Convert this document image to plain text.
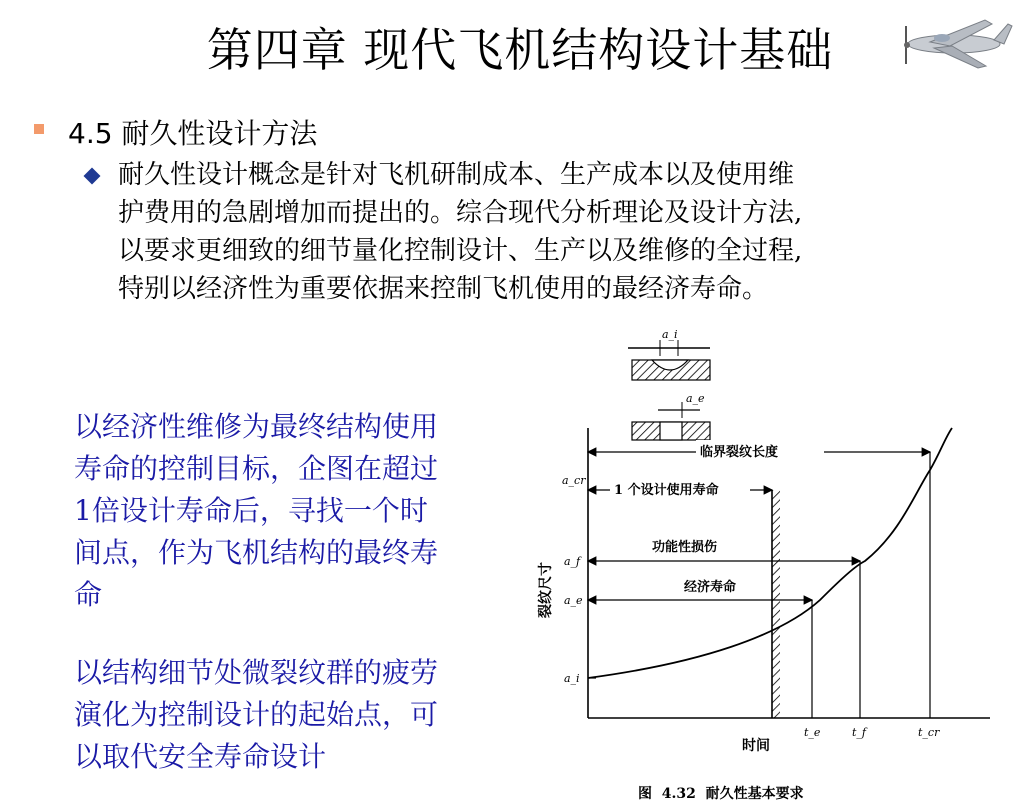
第四章 现代飞机结构设计基础
4.5 耐久性设计方法
耐久性设计概念是针对飞机研制成本、生产成本以及使用维
护费用的急剧增加而提出的。综合现代分析理论及设计方法,
以要求更细致的细节量化控制设计、生产以及维修的全过程,
特别以经济性为重要依据来控制飞机使用的最经济寿命。
以经济性维修为最终结构使用
寿命的控制目标，企图在超过
1倍设计寿命后，寻找一个时
间点，作为飞机结构的最终寿
命
以结构细节处微裂纹群的疲劳
演化为控制设计的起始点，可
以取代安全寿命设计
a_i
a_e
临界裂纹长度
1 个设计使用寿命
功能性损伤
经济寿命
a_cr
a_f
a_e
a_i
裂纹尺寸
t_e	t_f	t_cr
时间
图  4.32  耐久性基本要求
